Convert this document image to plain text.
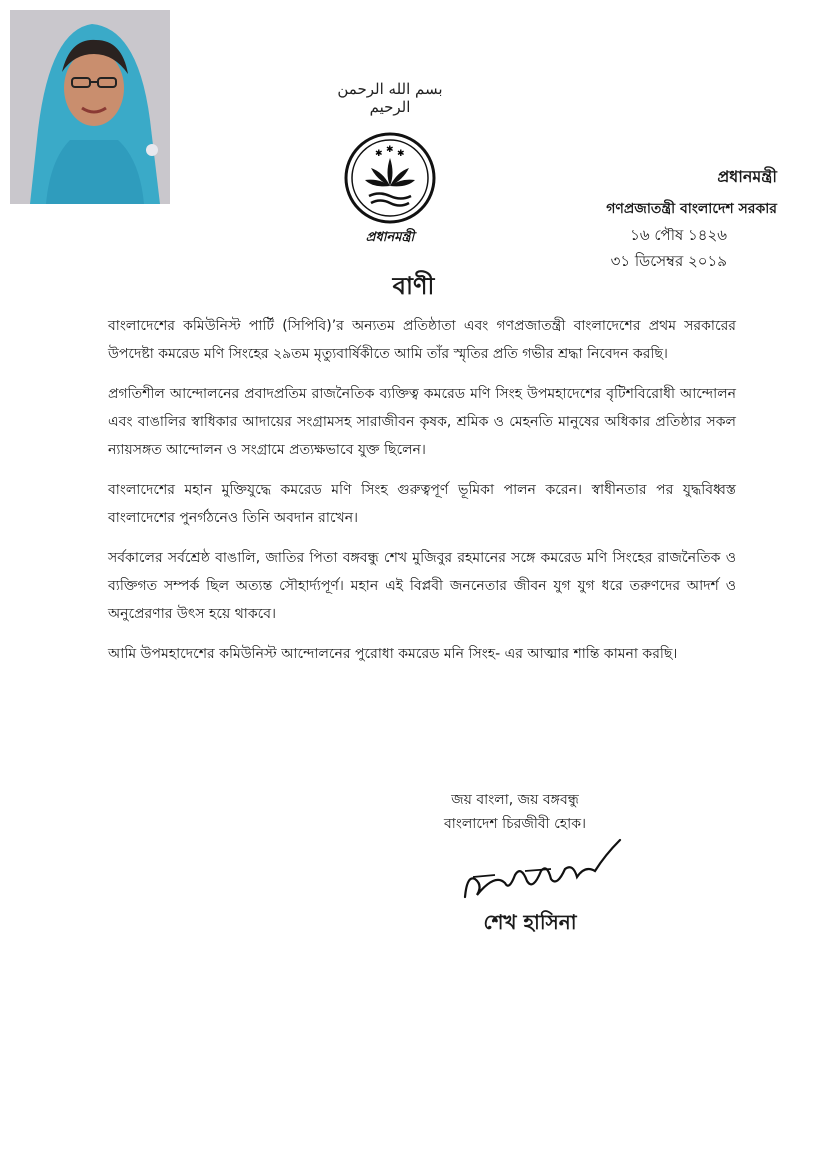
بسم الله الرحمن الرحيم
✱ ✱ ✱
প্রধানমন্ত্রী
প্রধানমন্ত্রী
গণপ্রজাতন্ত্রী বাংলাদেশ সরকার
১৬ পৌষ ১৪২৬
৩১ ডিসেম্বর ২০১৯
বাণী

বাংলাদেশের কমিউনিস্ট পার্টি (সিপিবি)’র অন্যতম প্রতিষ্ঠাতা এবং গণপ্রজাতন্ত্রী বাংলাদেশের প্রথম সরকারের উপদেষ্টা কমরেড মণি সিংহের ২৯তম মৃত্যুবার্ষিকীতে আমি তাঁর স্মৃতির প্রতি গভীর শ্রদ্ধা নিবেদন করছি।

প্রগতিশীল আন্দোলনের প্রবাদপ্রতিম রাজনৈতিক ব্যক্তিত্ব কমরেড মণি সিংহ উপমহাদেশের বৃটিশবিরোধী আন্দোলন এবং বাঙালির স্বাধিকার আদায়ের সংগ্রামসহ সারাজীবন কৃষক, শ্রমিক ও মেহনতি মানুষের অধিকার প্রতিষ্ঠার সকল ন্যায়সঙ্গত আন্দোলন ও সংগ্রামে প্রত্যক্ষভাবে যুক্ত ছিলেন।

বাংলাদেশের মহান মুক্তিযুদ্ধে কমরেড মণি সিংহ গুরুত্বপূর্ণ ভূমিকা পালন করেন। স্বাধীনতার পর যুদ্ধবিধ্বস্ত বাংলাদেশের পুনর্গঠনেও তিনি অবদান রাখেন।

সর্বকালের সর্বশ্রেষ্ঠ বাঙালি, জাতির পিতা বঙ্গবন্ধু শেখ মুজিবুর রহমানের সঙ্গে কমরেড মণি সিংহের রাজনৈতিক ও ব্যক্তিগত সম্পর্ক ছিল অত্যন্ত সৌহার্দ্যপূর্ণ। মহান এই বিপ্লবী জননেতার জীবন যুগ যুগ ধরে তরুণদের আদর্শ ও অনুপ্রেরণার উৎস হয়ে থাকবে।

আমি উপমহাদেশের কমিউনিস্ট আন্দোলনের পুরোধা কমরেড মনি সিংহ- এর আত্মার শান্তি কামনা করছি।

জয় বাংলা, জয় বঙ্গবন্ধু
বাংলাদেশ চিরজীবী হোক।
শেখ হাসিনা
